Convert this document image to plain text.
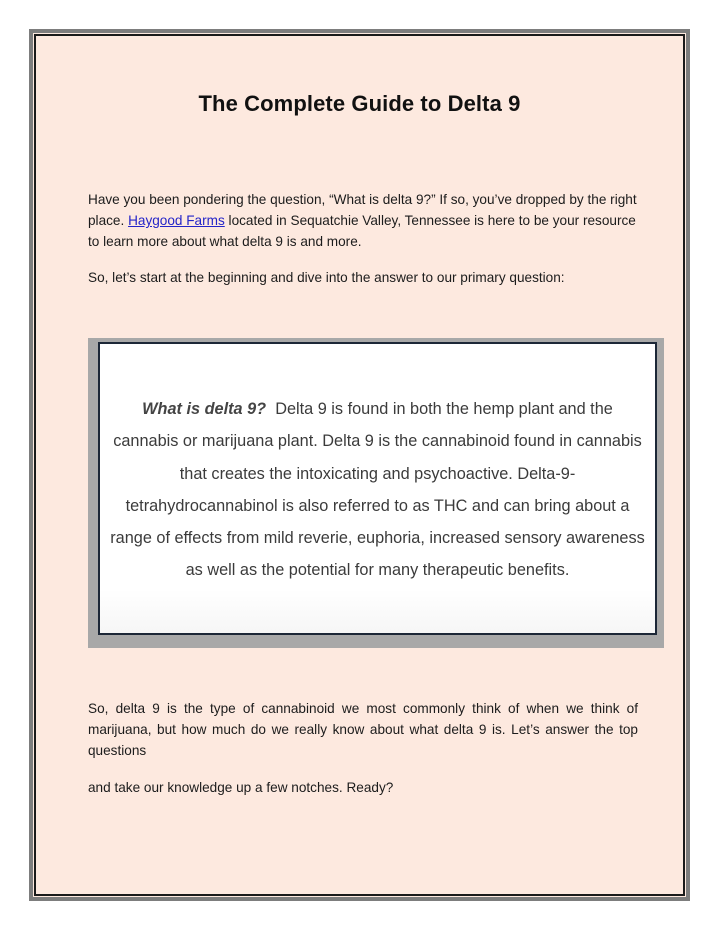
The Complete Guide to Delta 9

Have you been pondering the question, “What is delta 9?” If so, you’ve dropped by the right place. Haygood Farms located in Sequatchie Valley, Tennessee is here to be your resource to learn more about what delta 9 is and more.

So, let’s start at the beginning and dive into the answer to our primary question:

What is delta 9? Delta 9 is found in both the hemp plant and the cannabis or marijuana plant. Delta 9 is the cannabinoid found in cannabis that creates the intoxicating and psychoactive. Delta-9-tetrahydrocannabinol is also referred to as THC and can bring about a range of effects from mild reverie, euphoria, increased sensory awareness as well as the potential for many therapeutic benefits.

So, delta 9 is the type of cannabinoid we most commonly think of when we think of marijuana, but how much do we really know about what delta 9 is. Let’s answer the top questions

and take our knowledge up a few notches. Ready?
